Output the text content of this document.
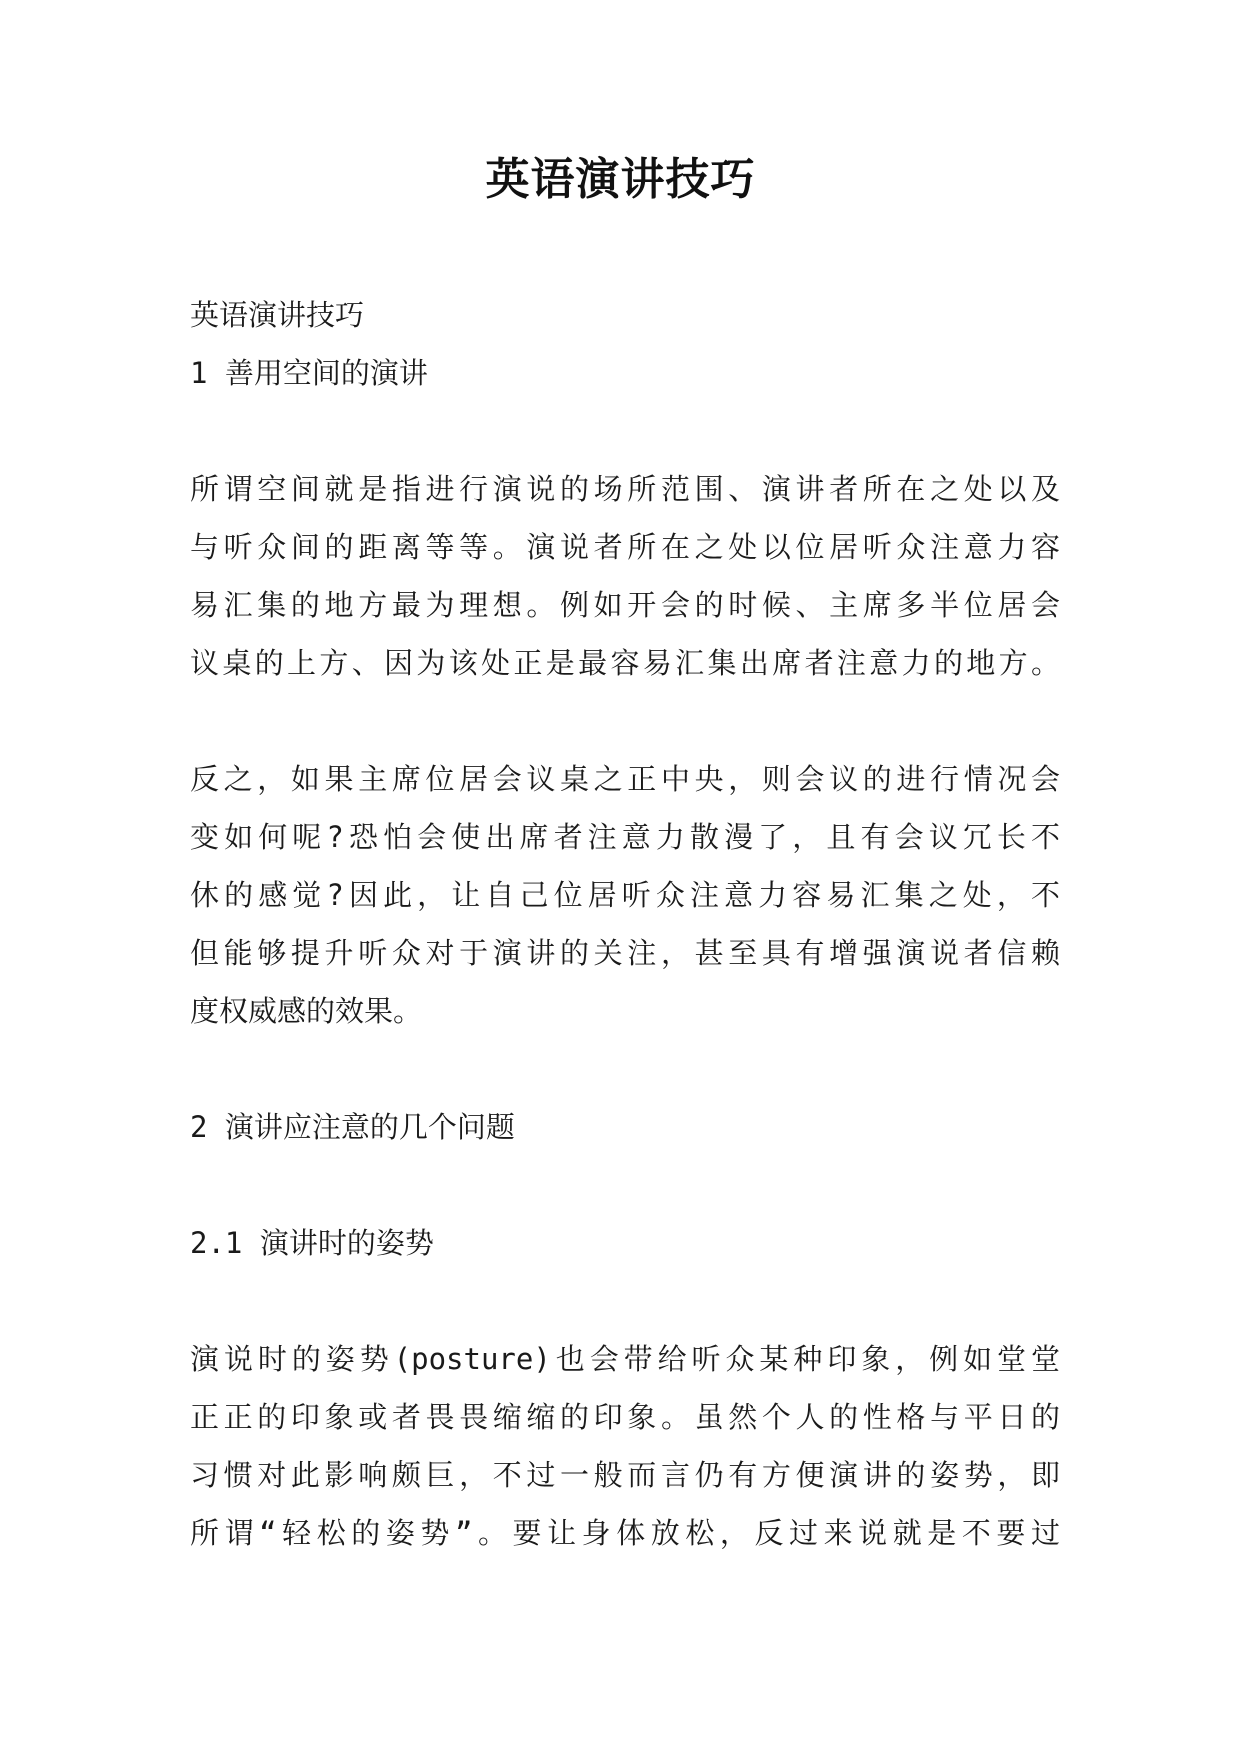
英语演讲技巧
英语演讲技巧
1 善用空间的演讲
所谓空间就是指进行演说的场所范围、演讲者所在之处以及
与听众间的距离等等。演说者所在之处以位居听众注意力容
易汇集的地方最为理想。例如开会的时候、主席多半位居会
议桌的上方、因为该处正是最容易汇集出席者注意力的地方。
反之，如果主席位居会议桌之正中央，则会议的进行情况会
变如何呢?恐怕会使出席者注意力散漫了，且有会议冗长不
休的感觉?因此，让自己位居听众注意力容易汇集之处，不
但能够提升听众对于演讲的关注，甚至具有增强演说者信赖
度权威感的效果。
2 演讲应注意的几个问题
2.1 演讲时的姿势
演说时的姿势(posture)也会带给听众某种印象，例如堂堂
正正的印象或者畏畏缩缩的印象。虽然个人的性格与平日的
习惯对此影响颇巨，不过一般而言仍有方便演讲的姿势，即
所谓“轻松的姿势”。要让身体放松，反过来说就是不要过
